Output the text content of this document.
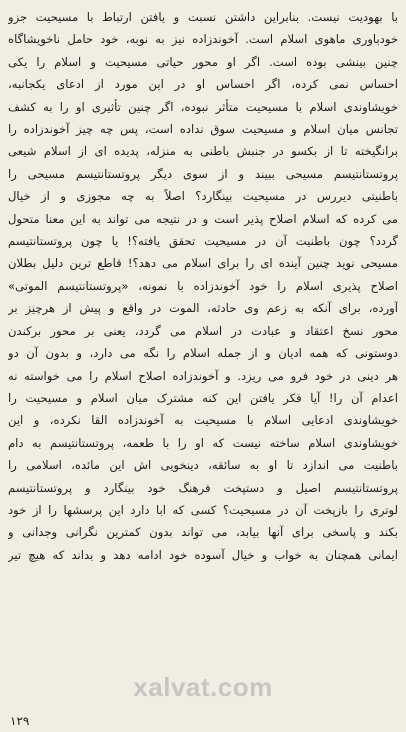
با بهودیت نیست. بنابراین داشتن نسبت و یافتن ارتباط با مسیحیت جزو
خودباوری ماهوی اسلام است. آخوندزاده نیز به نوبه، خود حامل ناخویشاگاه
چنین بینشی بوده است. اگر او محور حیاتی مسیحیت و اسلام را یکی
احساس نمی کرده، اگر احساس او در این مورد از ادعای یکجانبه،
خویشاوندی اسلام با مسیحیت متأثر نبوده، اگر چنین تأثیری او را به کشف
تجانس میان اسلام و مسیحیت سوق نداده است، پس چه چیز آخوندزاده را
برانگیخته تا از بکسو در جنبش باطنی به منزله، پدیده ای از اسلام شیعی
پروتستانتیسم مسیحی ببیند و از سوی دیگر پروتستانتیسم مسیحی را
باطنیتی دیررس در مسیحیت بینگارد؟ اصلاً به چه مجوزی و از خیال
می کرده که اسلام اصلاح پذیر است و در نتیجه می تواند به این معنا متحول
گردد؟ چون باطنیت آن در مسیحیت تحقق یافته؟! یا چون پروتستانتیسم
مسیحی نوید چنین آینده ای را برای اسلام می دهد؟! قاطع ترین دلیل بطلان
اصلاح پذیری اسلام را خود آخوندزاده با نمونه، «پروتستانتیسم الموتی»
آورده، برای آنکه به زعم وی حادثه، الموت در واقع و پیش از هرچیز بر
محور نسخ اعتقاد و عبادت در اسلام می گردد، یعنی بر محور برکندن
دوستونی که همه ادیان و از جمله اسلام را نگه می دارد، و بدون آن دو
هر دینی در خود فرو می ریزد. و آخوندزاده اصلاح اسلام را می خواسته نه
اعدام آن را! آیا فکر یافتن این کنه مشترک میان اسلام و مسیحیت را
خویشاوندی ادعایی اسلام با مسیحیت به آخوندزاده القا نکرده، و این
خویشاوندی اسلام ساخته نیست که او را با طعمه، پروتستانتیسم به دام
باطنیت می اندازد تا او به سائقه، دینخویی اش این مائده، اسلامی را
پروتستانتیسم اصیل و دستپخت فرهنگ خود بینگارد و پروتستانتیسم
لوتری را بازپخت آن در مسیحیت؟ کسی که ابا دارد این پرسشها را از خود
بکند و پاسخی برای آنها بیابد، می تواند بدون کمترین نگرانی وجدانی و
ایمانی همچنان به خواب و خیال آسوده خود ادامه دهد و بداند که هیچ تیر
xalvat.com
۱۲۹
